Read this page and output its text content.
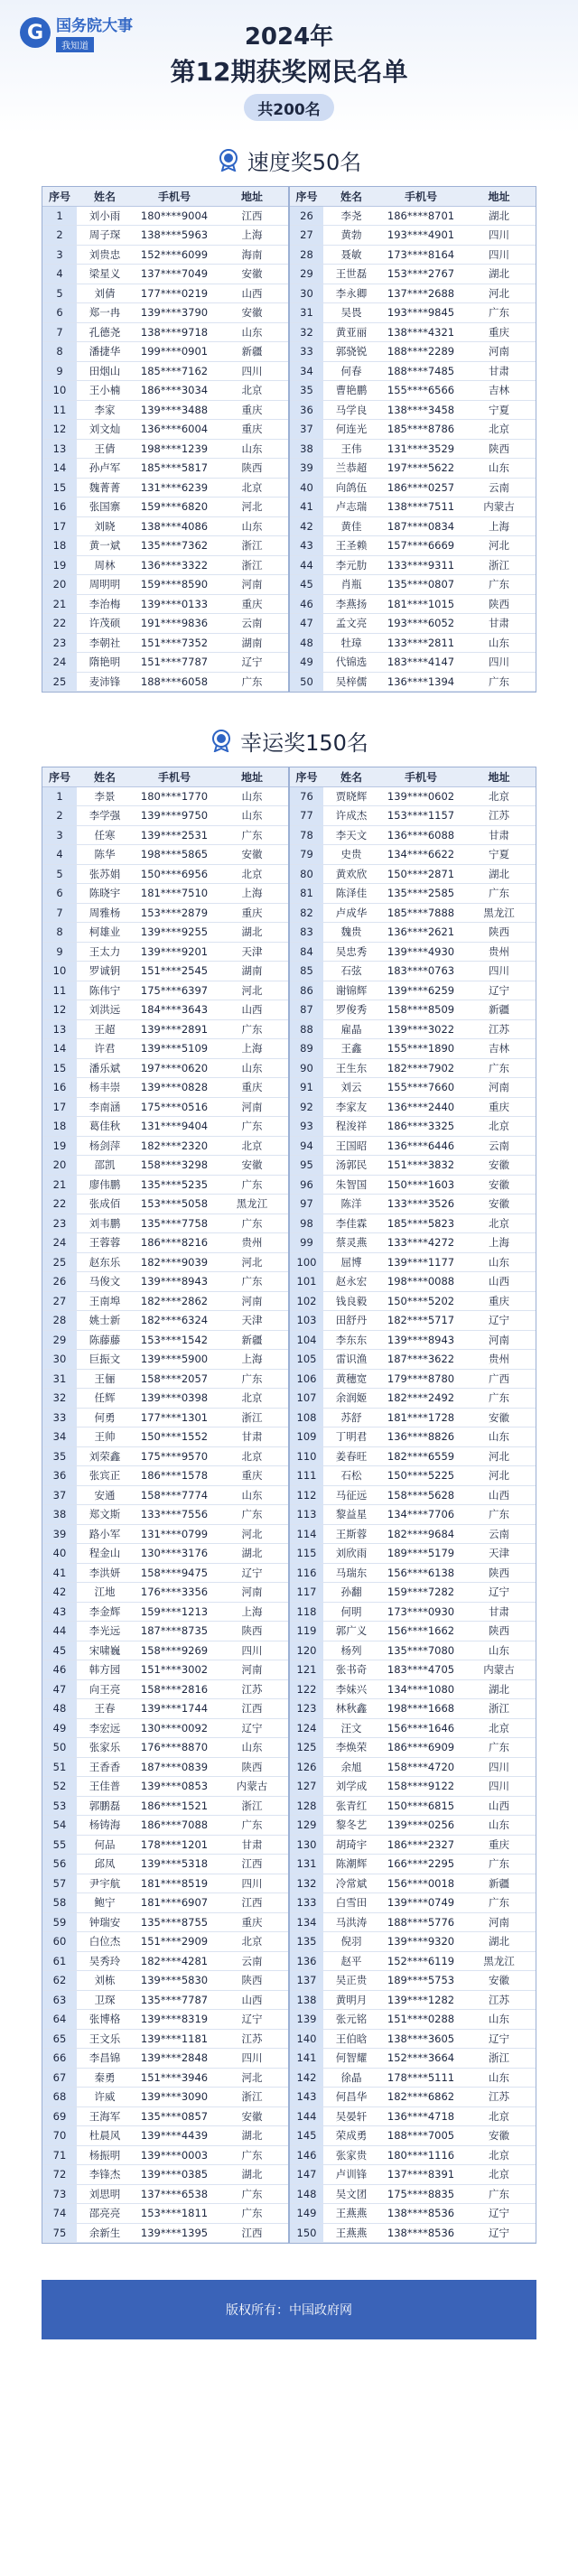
G 国务院大事
我知道	2024年
第12期获奖网民名单
共200名
速度奖50名
序号	姓名	手机号	地址	序号	姓名	手机号	地址
1	刘小雨	180****9004	江西	26	李尧	186****8701	湖北
2	周子琛	138****5963	上海	27	黄勃	193****4901	四川
3	刘贵忠	152****6099	海南	28	聂敏	173****8164	四川
4	梁星义	137****7049	安徽	29	王世磊	153****2767	湖北
5	刘倩	177****0219	山西	30	李永卿	137****2688	河北
6	郑一冉	139****3790	安徽	31	吴畏	193****9845	广东
7	孔德尧	138****9718	山东	32	黄亚丽	138****4321	重庆
8	潘捷华	199****0901	新疆	33	郭骁锐	188****2289	河南
9	田烟山	185****7162	四川	34	何春	188****7485	甘肃
10	王小楠	186****3034	北京	35	曹艳鹏	155****6566	吉林
11	李家	139****3488	重庆	36	马学良	138****3458	宁夏
12	刘文灿	136****6004	重庆	37	何连光	185****8786	北京
13	王倩	198****1239	山东	38	王伟	131****3529	陕西
14	孙卢军	185****5817	陕西	39	兰恭超	197****5622	山东
15	魏菁菁	131****6239	北京	40	向鸽伍	186****0257	云南
16	张国寨	159****6820	河北	41	卢志瑞	138****7511	内蒙古
17	刘晓	138****4086	山东	42	黄佳	187****0834	上海
18	黄一斌	135****7362	浙江	43	王圣赖	157****6669	河北
19	周林	136****3322	浙江	44	李元肋	133****9311	浙江
20	周明明	159****8590	河南	45	肖瓶	135****0807	广东
21	李治梅	139****0133	重庆	46	李燕扬	181****1015	陕西
22	许茂硕	191****9836	云南	47	孟文亮	193****6052	甘肃
23	李朝社	151****7352	湖南	48	牡璋	133****2811	山东
24	隋艳明	151****7787	辽宁	49	代锦选	183****4147	四川
25	麦沛锋	188****6058	广东	50	吴梓儒	136****1394	广东
幸运奖150名
序号	姓名	手机号	地址	序号	姓名	手机号	地址
1	李景	180****1770	山东	76	贾晓辉	139****0602	北京
2	李学强	139****9750	山东	77	许成杰	153****1157	江苏
3	任寒	139****2531	广东	78	李天文	136****6088	甘肃
4	陈华	198****5865	安徽	79	史贵	134****6622	宁夏
5	张苏娟	150****6956	北京	80	黄欢欣	150****2871	湖北
6	陈晓宇	181****7510	上海	81	陈泽佳	135****2585	广东
7	周雅杨	153****2879	重庆	82	卢成华	185****7888	黑龙江
8	柯雄业	139****9255	湖北	83	魏贵	136****2621	陕西
9	王太力	139****9201	天津	84	吴忠秀	139****4930	贵州
10	罗诚钥	151****2545	湖南	85	石弦	183****0763	四川
11	陈伟宁	175****6397	河北	86	谢锦辉	139****6259	辽宁
12	刘洪远	184****3643	山西	87	罗俊秀	158****8509	新疆
13	王超	139****2891	广东	88	雇晶	139****3022	江苏
14	许君	139****5109	上海	89	王鑫	155****1890	吉林
15	潘乐斌	197****0620	山东	90	王生东	182****7902	广东
16	杨丰崇	139****0828	重庆	91	刘云	155****7660	河南
17	李南涵	175****0516	河南	92	李家友	136****2440	重庆
18	葛佳秋	131****9404	广东	93	程浚祥	186****3325	北京
19	杨剑萍	182****2320	北京	94	王国昭	136****6446	云南
20	邵凯	158****3298	安徽	95	汤郭民	151****3832	安徽
21	廖伟鹏	135****5235	广东	96	朱智国	150****1603	安徽
22	张成佰	153****5058	黑龙江	97	陈洋	133****3526	安徽
23	刘韦鹏	135****7758	广东	98	李佳霖	185****5823	北京
24	王蓉蓉	186****8216	贵州	99	蔡灵燕	133****4272	上海
25	赵东乐	182****9039	河北	100	屈博	139****1177	山东
26	马俊文	139****8943	广东	101	赵永宏	198****0088	山西
27	王南埠	182****2862	河南	102	钱良毅	150****5202	重庆
28	姚士新	182****6324	天津	103	田舒丹	182****5717	辽宁
29	陈藤藤	153****1542	新疆	104	李东东	139****8943	河南
30	巨振文	139****5900	上海	105	雷识渔	187****3622	贵州
31	王俪	158****2057	广东	106	黄穗宽	179****8780	广西
32	任辉	139****0398	北京	107	余润姬	182****2492	广东
33	何勇	177****1301	浙江	108	苏舒	181****1728	安徽
34	王帅	150****1552	甘肃	109	丁明君	136****8826	山东
35	刘荣鑫	175****9570	北京	110	姜春旺	182****6559	河北
36	张宾正	186****1578	重庆	111	石松	150****5225	河北
37	安通	158****7774	山东	112	马征远	158****5628	山西
38	郑文斯	133****7556	广东	113	黎益星	134****7706	广东
39	路小军	131****0799	河北	114	王斯蓉	182****9684	云南
40	程金山	130****3176	湖北	115	刘欣雨	189****5179	天津
41	李洪妍	158****9475	辽宁	116	马瑞东	156****6138	陕西
42	江地	176****3356	河南	117	孙翻	159****7282	辽宁
43	李金辉	159****1213	上海	118	何明	173****0930	甘肃
44	李光远	187****8735	陕西	119	郭广义	156****1662	陕西
45	宋啸巍	158****9269	四川	120	杨列	135****7080	山东
46	韩方园	151****3002	河南	121	张书奇	183****4705	内蒙古
47	向王亮	158****2816	江苏	122	李妹兴	134****1080	湖北
48	王春	139****1744	江西	123	林秋鑫	198****1668	浙江
49	李宏远	130****0092	辽宁	124	汪文	156****1646	北京
50	张家乐	176****8870	山东	125	李焕荣	186****6909	广东
51	王香香	187****0839	陕西	126	余旭	158****4720	四川
52	王佳普	139****0853	内蒙古	127	刘学成	158****9122	四川
53	郭鹏磊	186****1521	浙江	128	张青红	150****6815	山西
54	杨铸海	186****7088	广东	129	黎冬艺	139****0256	山东
55	何品	178****1201	甘肃	130	胡琦宇	186****2327	重庆
56	邱凤	139****5318	江西	131	陈潮辉	166****2295	广东
57	尹宇航	181****8519	四川	132	冷常斌	156****0018	新疆
58	鲍宁	181****6907	江西	133	白雪田	139****0749	广东
59	钟瑞安	135****8755	重庆	134	马洪涛	188****5776	河南
60	白位杰	151****2909	北京	135	倪羽	139****9320	湖北
61	吴秀玲	182****4281	云南	136	赵平	152****6119	黑龙江
62	刘栋	139****5830	陕西	137	吴正贵	189****5753	安徽
63	卫琛	135****7787	山西	138	黄明月	139****1282	江苏
64	张博格	139****8319	辽宁	139	张元铭	151****0288	山东
65	王文乐	139****1181	江苏	140	王伯晗	138****3605	辽宁
66	李昌锦	139****2848	四川	141	何智耀	152****3664	浙江
67	秦勇	151****3946	河北	142	徐晶	178****5111	山东
68	许威	139****3090	浙江	143	何昌华	182****6862	江苏
69	王海军	135****0857	安徽	144	吴晏轩	136****4718	北京
70	杜晨风	139****4439	湖北	145	荣成勇	188****7005	安徽
71	杨振明	139****0003	广东	146	张家贵	180****1116	北京
72	李锋杰	139****0385	湖北	147	卢训锋	137****8391	北京
73	刘思明	137****6538	广东	148	吴文团	175****8835	广东
74	邵亮亮	153****1811	广东	149	王燕燕	138****8536	辽宁
75	余新生	139****1395	江西	150	王燕燕	138****8536	辽宁
版权所有：中国政府网
